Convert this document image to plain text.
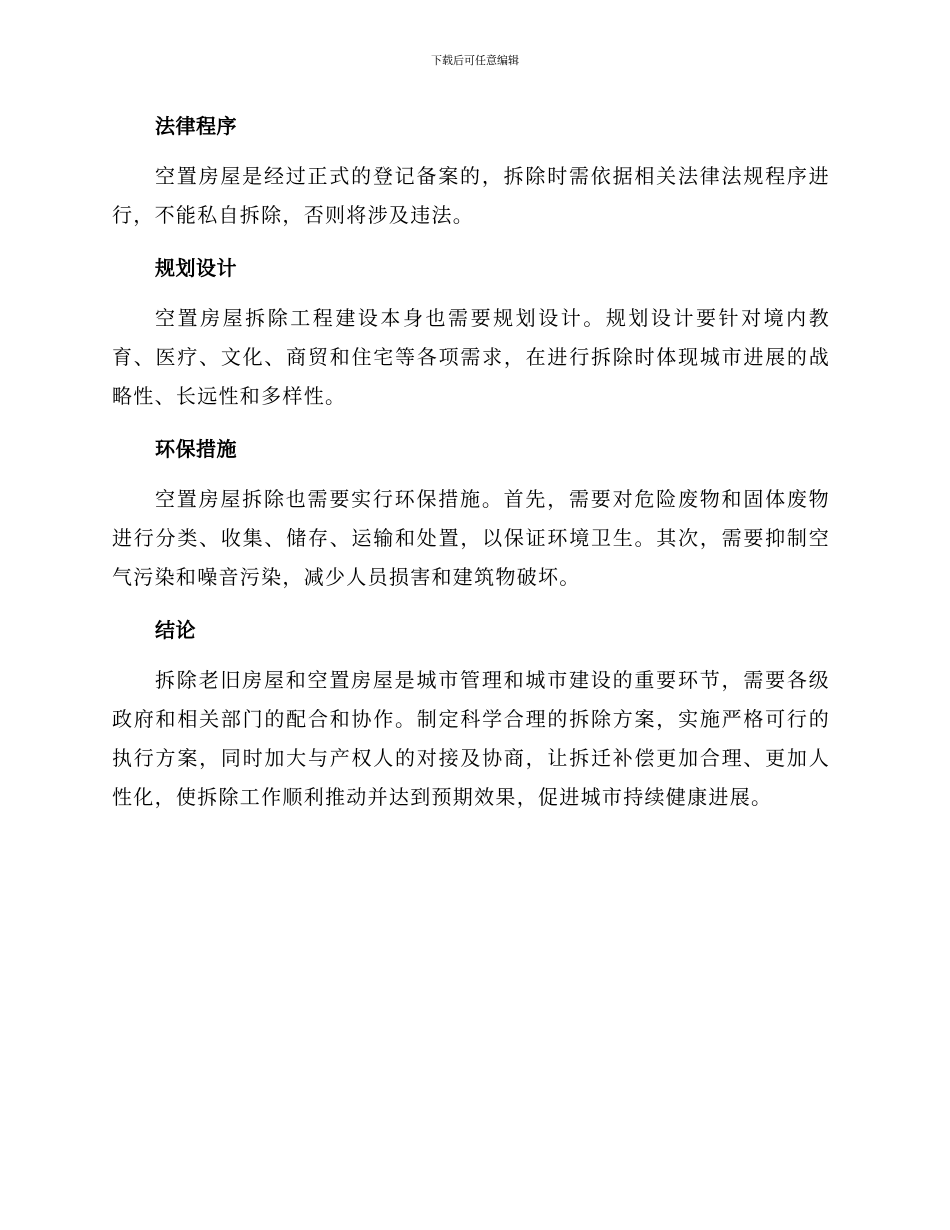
下载后可任意编辑
法律程序

空置房屋是经过正式的登记备案的，拆除时需依据相关法律法规程序进行，不能私自拆除，否则将涉及违法。

规划设计

空置房屋拆除工程建设本身也需要规划设计。规划设计要针对境内教育、医疗、文化、商贸和住宅等各项需求，在进行拆除时体现城市进展的战略性、长远性和多样性。

环保措施

空置房屋拆除也需要实行环保措施。首先，需要对危险废物和固体废物进行分类、收集、储存、运输和处置，以保证环境卫生。其次，需要抑制空气污染和噪音污染，减少人员损害和建筑物破坏。

结论

拆除老旧房屋和空置房屋是城市管理和城市建设的重要环节，需要各级政府和相关部门的配合和协作。制定科学合理的拆除方案，实施严格可行的执行方案，同时加大与产权人的对接及协商，让拆迁补偿更加合理、更加人性化，使拆除工作顺利推动并达到预期效果，促进城市持续健康进展。
